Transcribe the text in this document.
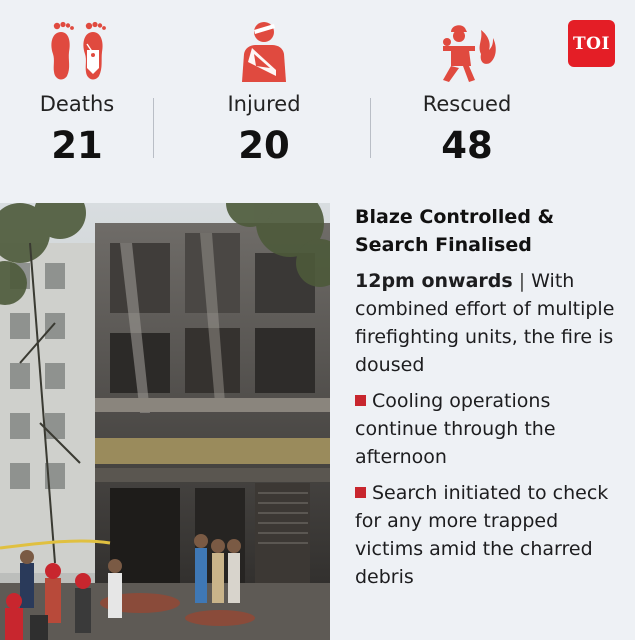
Deaths
21
Injured
20
Rescued
48
TOI
Blaze Controlled & Search Finalised

12pm onwards | With combined effort of multiple firefighting units, the fire is doused

Cooling operations continue through the afternoon

Search initiated to check for any more trapped victims amid the charred debris
